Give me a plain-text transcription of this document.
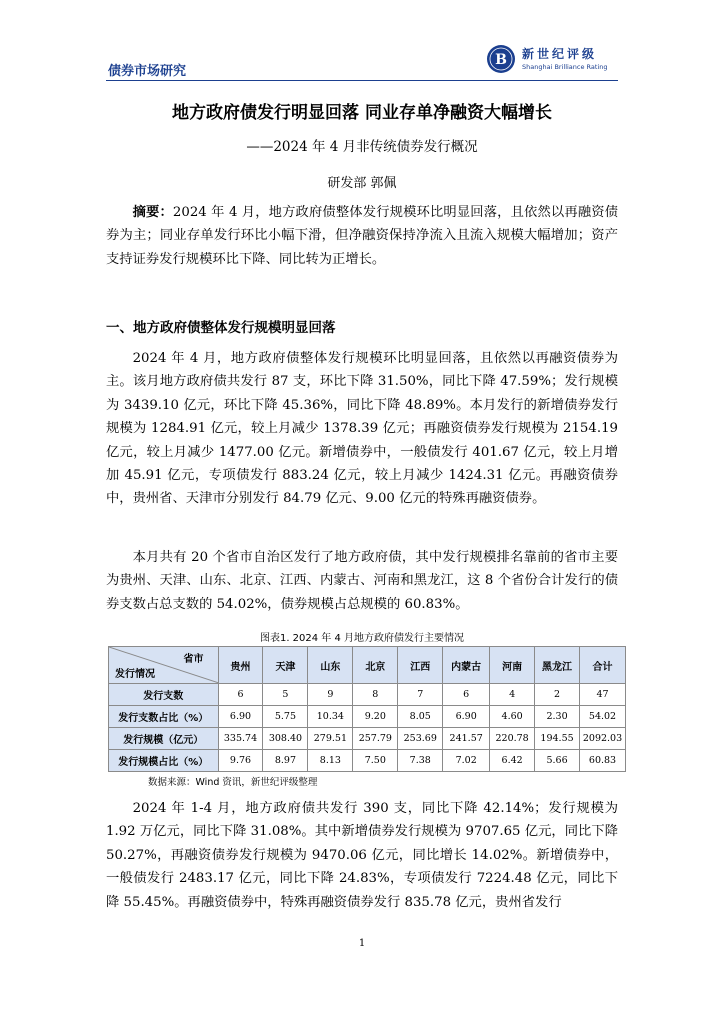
债券市场研究
B 新世纪评级
Shanghai Brilliance Rating
地方政府债发行明显回落 同业存单净融资大幅增长
——2024 年 4 月非传统债券发行概况
研发部 郭佩

摘要：2024 年 4 月，地方政府债整体发行规模环比明显回落，且依然以再融资债券为主；同业存单发行环比小幅下滑，但净融资保持净流入且流入规模大幅增加；资产支持证券发行规模环比下降、同比转为正增长。

一、地方政府债整体发行规模明显回落

2024 年 4 月，地方政府债整体发行规模环比明显回落，且依然以再融资债券为主。该月地方政府债共发行 87 支，环比下降 31.50%，同比下降 47.59%；发行规模为 3439.10 亿元，环比下降 45.36%，同比下降 48.89%。本月发行的新增债券发行规模为 1284.91 亿元，较上月减少 1378.39 亿元；再融资债券发行规模为 2154.19 亿元，较上月减少 1477.00 亿元。新增债券中，一般债发行 401.67 亿元，较上月增加 45.91 亿元，专项债发行 883.24 亿元，较上月减少 1424.31 亿元。再融资债券中，贵州省、天津市分别发行 84.79 亿元、9.00 亿元的特殊再融资债券。

本月共有 20 个省市自治区发行了地方政府债，其中发行规模排名靠前的省市主要为贵州、天津、山东、北京、江西、内蒙古、河南和黑龙江，这 8 个省份合计发行的债券支数占总支数的 54.02%，债券规模占总规模的 60.83%。

图表1. 2024 年 4 月地方政府债发行主要情况
省市
发行情况	贵州	天津	山东	北京	江西	内蒙古	河南	黑龙江	合计
发行支数	6	5	9	8	7	6	4	2	47
发行支数占比（%）	6.90	5.75	10.34	9.20	8.05	6.90	4.60	2.30	54.02
发行规模（亿元）	335.74	308.40	279.51	257.79	253.69	241.57	220.78	194.55	2092.03
发行规模占比（%）	9.76	8.97	8.13	7.50	7.38	7.02	6.42	5.66	60.83
数据来源：Wind 资讯，新世纪评级整理

2024 年 1-4 月，地方政府债共发行 390 支，同比下降 42.14%；发行规模为 1.92 万亿元，同比下降 31.08%。其中新增债券发行规模为 9707.65 亿元，同比下降 50.27%，再融资债券发行规模为 9470.06 亿元，同比增长 14.02%。新增债券中，一般债发行 2483.17 亿元，同比下降 24.83%，专项债发行 7224.48 亿元，同比下降 55.45%。再融资债券中，特殊再融资债券发行 835.78 亿元，贵州省发行

1
